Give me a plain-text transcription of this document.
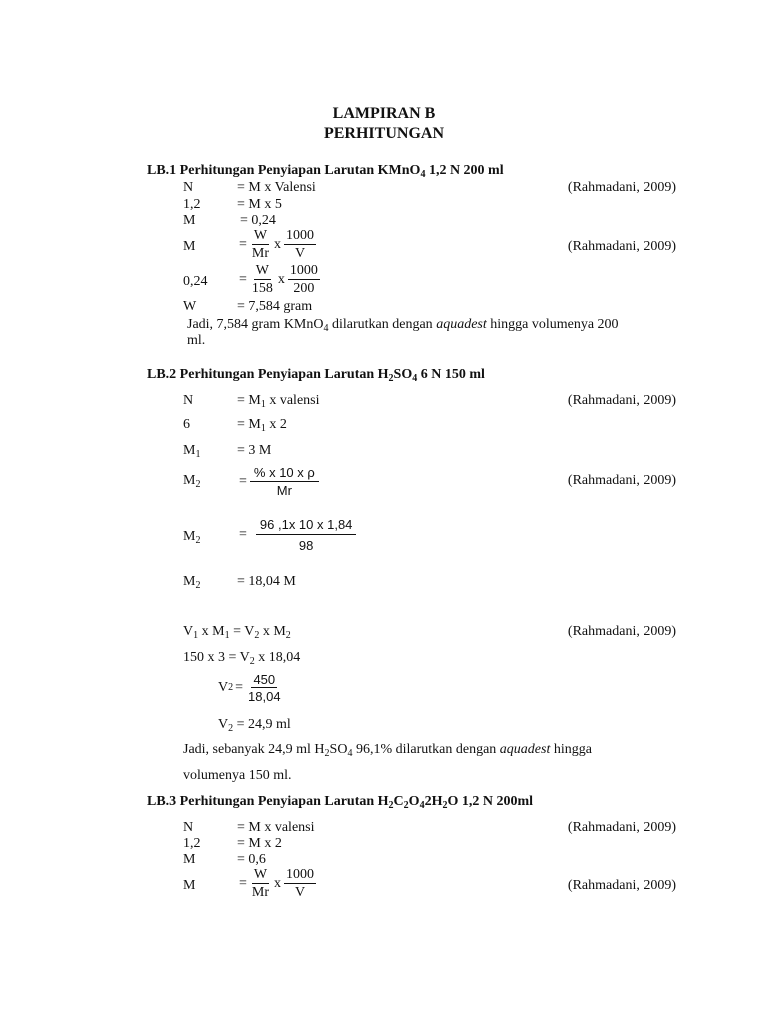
LAMPIRAN B
PERHITUNGAN
LB.1 Perhitungan Penyiapan Larutan KMnO$_4$ 1,2 N 200 ml
N	= M x Valensi	(Rahmadani, 2009)
1,2	= M x 5
M	= 0,24
M	= $\frac{W}{Mr}$ x $\frac{1000}{V}$	(Rahmadani, 2009)
$0,24 = \frac{W}{158}$ x $\frac{1000}{200}$
W	= 7,584 gram
Jadi, 7,584 gram KMnO$_4$ dilarutkan dengan aquadest hingga volumenya 200
ml.
LB.2 Perhitungan Penyiapan Larutan $H_2SO_4$ 6 N 150 ml
N	= $M_1$ x valensi	(Rahmadani, 2009)
6	= $M_1$ x 2
$M_1$	= 3 M
$M_2$	= $\frac{\text{\% x 10 x ρ}}{Mr}$	(Rahmadani, 2009)
$M_2$	= $\frac{96 ,1x 10 x 1,84}{98}$
$M_2$	= 18,04 M
$V_1$ x $M_1 = V_2$ x $M_2$	(Rahmadani, 2009)
150 x $3 = V_2$ x 18,04
V $2 = \frac{450}{18,04}$
$V_2 = 24,9$ ml
Jadi, sebanyak 24,9 ml $H_2SO_4$ 96,1% dilarutkan dengan aquadest hingga
volumenya 150 ml.
LB.3 Perhitungan Penyiapan Larutan $H_2C_2O_42H_2O$ 1,2 N 200ml
N	= M x valensi	(Rahmadani, 2009)
1,2	= M x 2
M	= 0,6
M	= $\frac{W}{Mr}$ x $\frac{1000}{V}$	(Rahmadani, 2009)
